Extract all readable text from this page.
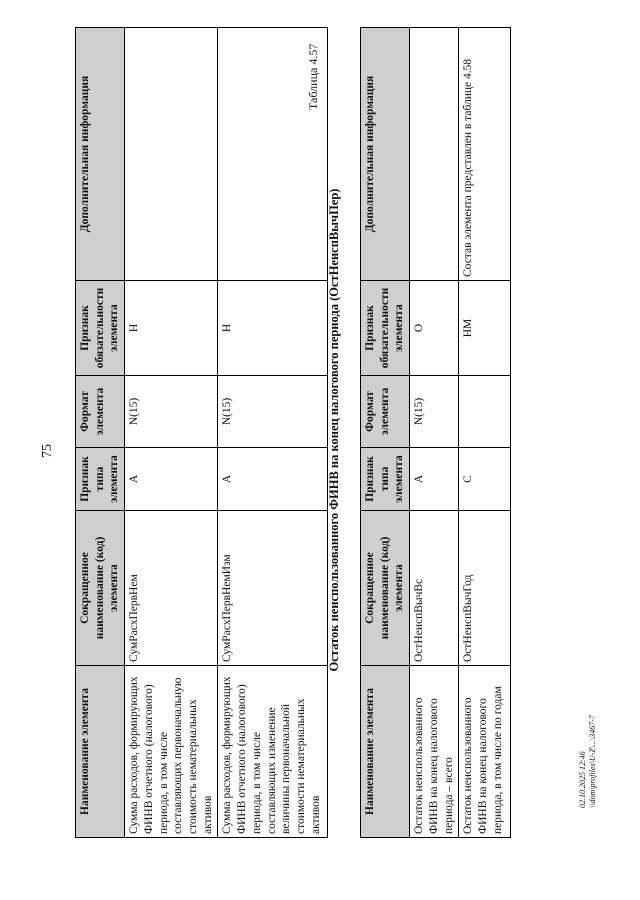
75
Наименование элемента	Сокращенное наименование (код) элемента	Признак типа элемента	Формат элемента	Признак обязательности элемента	Дополнительная информация
Сумма расходов, формирующих ФИНВ отчетного (налогового) периода, в том числе составляющих первоначальную стоимость нематериальных активов	СумРасхПервНем	А	N(15)	Н	
Сумма расходов, формирующих ФИНВ отчетного (налогового) периода, в том числе составляющих изменение величины первоначальной стоимости нематериальных активов	СумРасхПервНемИзм	А	N(15)	Н	
Таблица 4.57
Остаток неиспользованного ФИНВ на конец налогового периода (ОстНеиспВычПер)
Наименование элемента	Сокращенное наименование (код) элемента	Признак типа элемента	Формат элемента	Признак обязательности элемента	Дополнительная информация
Остаток неиспользованного ФИНВ на конец налогового периода – всего	ОстНеиспВычВс	А	N(15)	О	
Остаток неиспользованного ФИНВ на конец налогового периода, в том числе по годам	ОстНеиспВычГод	С		НМ	Состав элемента представлен в таблице 4.58
02.10.2025 12:46 \\dom\profiles\U-Z\...\3467-7
